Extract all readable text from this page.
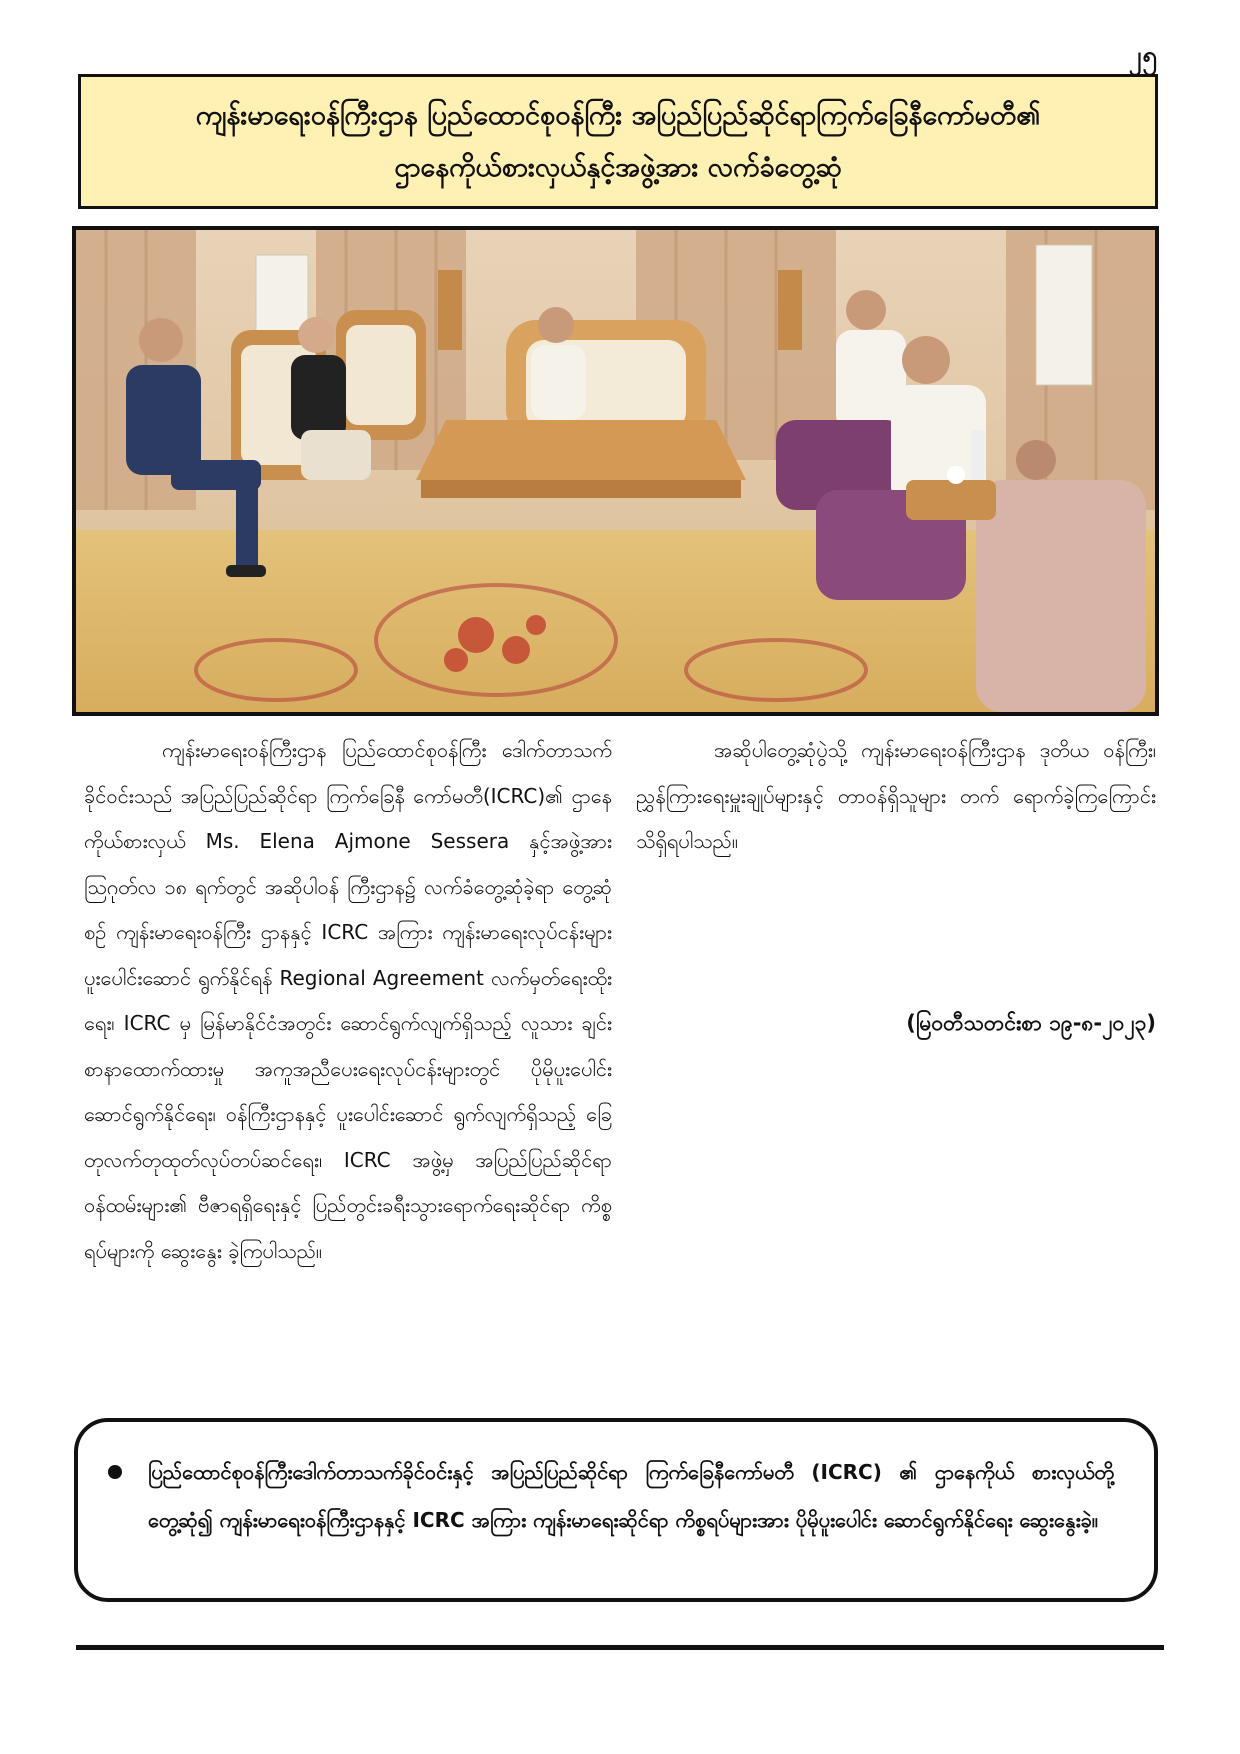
၂၅
ကျန်းမာရေးဝန်ကြီးဌာန ပြည်ထောင်စုဝန်ကြီး အပြည်ပြည်ဆိုင်ရာကြက်ခြေနီကော်မတီ၏
ဌာနေကိုယ်စားလှယ်နှင့်အဖွဲ့အား လက်ခံတွေ့ဆုံ
ကျန်းမာရေးဝန်ကြီးဌာန ပြည်ထောင်စုဝန်ကြီး ဒေါက်တာသက်ခိုင်ဝင်းသည် အပြည်ပြည်ဆိုင်ရာ ကြက်ခြေနီ ကော်မတီ(ICRC)၏ ဌာနေကိုယ်စားလှယ် Ms. Elena Ajmone Sessera နှင့်အဖွဲ့အား ဩဂုတ်လ ၁၈ ရက်တွင် အဆိုပါဝန် ကြီးဌာန၌ လက်ခံတွေ့ဆုံခဲ့ရာ တွေ့ဆုံစဉ် ကျန်းမာရေးဝန်ကြီး ဌာနနှင့် ICRC အကြား ကျန်းမာရေးလုပ်ငန်းများ ပူးပေါင်းဆောင် ရွက်နိုင်ရန် Regional Agreement လက်မှတ်ရေးထိုးရေး၊ ICRC မှ မြန်မာနိုင်ငံအတွင်း ဆောင်ရွက်လျက်ရှိသည့် လူသား ချင်းစာနာထောက်ထားမှု အကူအညီပေးရေးလုပ်ငန်းများတွင် ပိုမိုပူးပေါင်းဆောင်ရွက်နိုင်ရေး၊ ဝန်ကြီးဌာနနှင့် ပူးပေါင်းဆောင် ရွက်လျက်ရှိသည့် ခြေတုလက်တုထုတ်လုပ်တပ်ဆင်ရေး၊ ICRC အဖွဲ့မှ အပြည်ပြည်ဆိုင်ရာဝန်ထမ်းများ၏ ဗီဇာရရှိရေးနှင့် ပြည်တွင်းခရီးသွားရောက်ရေးဆိုင်ရာ ကိစ္စရပ်များကို ဆွေးနွေး ခဲ့ကြပါသည်။
အဆိုပါတွေ့ဆုံပွဲသို့ ကျန်းမာရေးဝန်ကြီးဌာန ဒုတိယ ဝန်ကြီး၊ ညွှန်ကြားရေးမှူးချုပ်များနှင့် တာဝန်ရှိသူများ တက် ရောက်ခဲ့ကြကြောင်းသိရှိရပါသည်။
(မြဝတီသတင်းစာ ၁၉-၈-၂၀၂၃)
ပြည်ထောင်စုဝန်ကြီးဒေါက်တာသက်ခိုင်ဝင်းနှင့် အပြည်ပြည်ဆိုင်ရာ ကြက်ခြေနီကော်မတီ (ICRC) ၏ ဌာနေကိုယ် စားလှယ်တို့ တွေ့ဆုံ၍ ကျန်းမာရေးဝန်ကြီးဌာနနှင့် ICRC အကြား ကျန်းမာရေးဆိုင်ရာ ကိစ္စရပ်များအား ပိုမိုပူးပေါင်း ဆောင်ရွက်နိုင်ရေး ဆွေးနွေးခဲ့။
